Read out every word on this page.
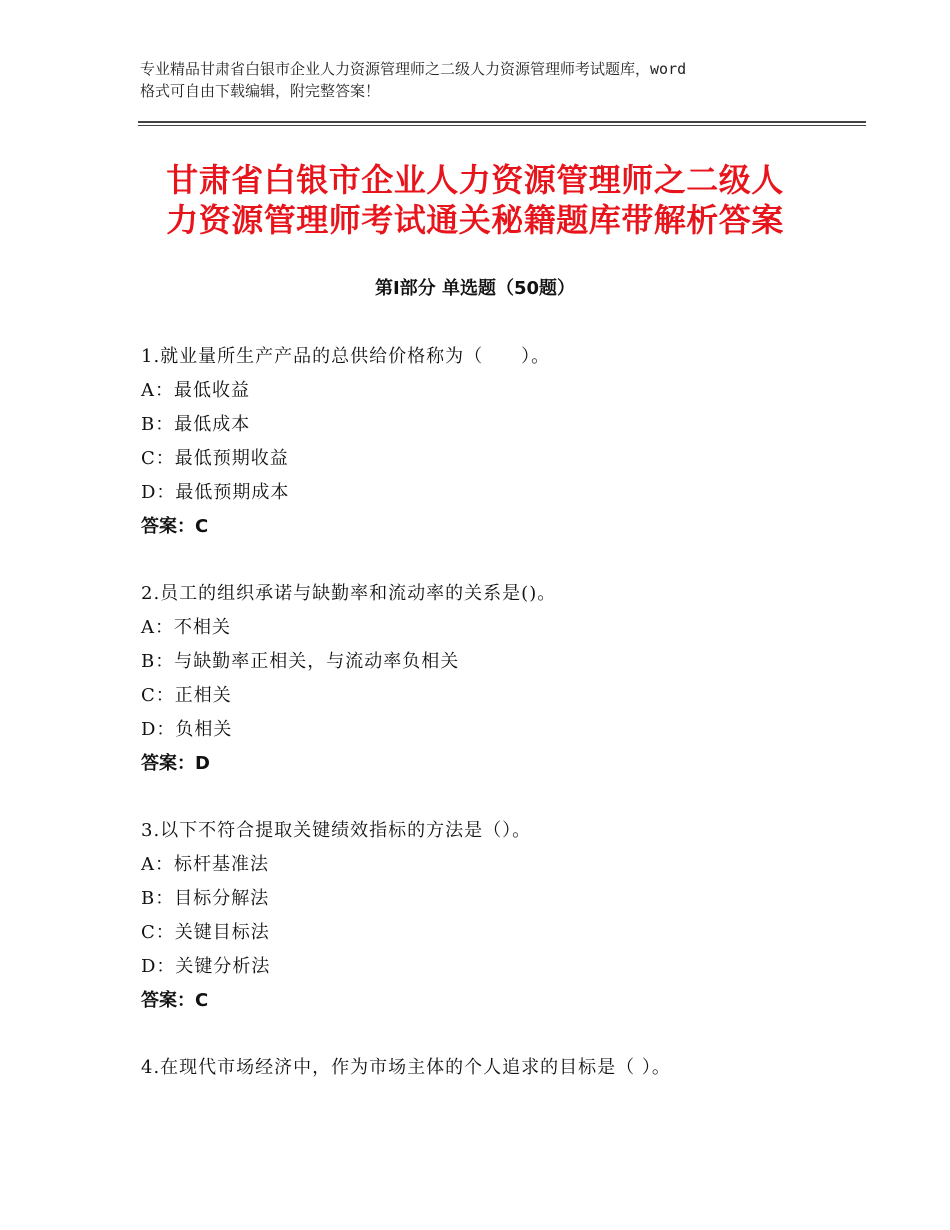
专业精品甘肃省白银市企业人力资源管理师之二级人力资源管理师考试题库，word
格式可自由下载编辑，附完整答案！
甘肃省白银市企业人力资源管理师之二级人
力资源管理师考试通关秘籍题库带解析答案
第Ⅰ部分 单选题（50题）
1.就业量所生产产品的总供给价格称为（　　）。
A：最低收益
B：最低成本
C：最低预期收益
D：最低预期成本
答案：C
2.员工的组织承诺与缺勤率和流动率的关系是()。
A：不相关
B：与缺勤率正相关，与流动率负相关
C：正相关
D：负相关
答案：D
3.以下不符合提取关键绩效指标的方法是（）。
A：标杆基准法
B：目标分解法
C：关键目标法
D：关键分析法
答案：C
4.在现代市场经济中，作为市场主体的个人追求的目标是（ ）。
